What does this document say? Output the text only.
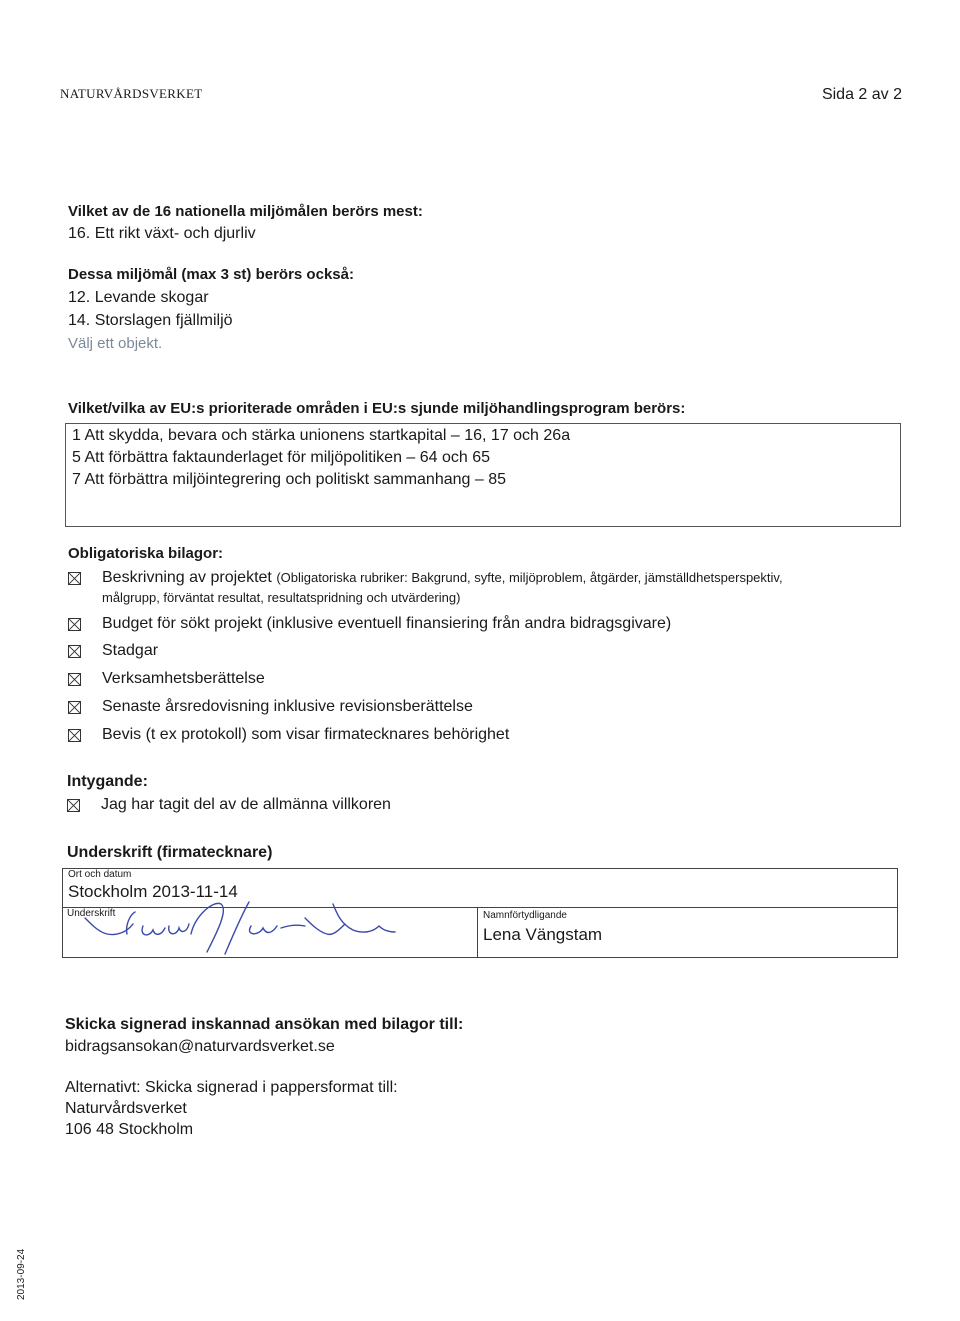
NATURVÅRDSVERKET	Sida 2 av 2
Vilket av de 16 nationella miljömålen berörs mest:
16. Ett rikt växt- och djurliv
Dessa miljömål (max 3 st) berörs också:
12. Levande skogar
14. Storslagen fjällmiljö
Välj ett objekt.
Vilket/vilka av EU:s prioriterade områden i EU:s sjunde miljöhandlingsprogram berörs:
1 Att skydda, bevara och stärka unionens startkapital – 16, 17 och 26a
5 Att förbättra faktaunderlaget för miljöpolitiken – 64 och 65
7 Att förbättra miljöintegrering och politiskt sammanhang – 85
Obligatoriska bilagor:
Beskrivning av projektet (Obligatoriska rubriker: Bakgrund, syfte, miljöproblem, åtgärder, jämställdhetsperspektiv,
målgrupp, förväntat resultat, resultatspridning och utvärdering)
Budget för sökt projekt (inklusive eventuell finansiering från andra bidragsgivare)
Stadgar
Verksamhetsberättelse
Senaste årsredovisning inklusive revisionsberättelse
Bevis (t ex protokoll) som visar firmatecknares behörighet
Intygande:
Jag har tagit del av de allmänna villkoren
Underskrift (firmatecknare)
Ort och datum
Stockholm 2013-11-14
Underskrift	Namnförtydligande
Lena Vängstam
Skicka signerad inskannad ansökan med bilagor till:
bidragsansokan@naturvardsverket.se
Alternativt: Skicka signerad i pappersformat till:
Naturvårdsverket
106 48 Stockholm
2013-09-24
